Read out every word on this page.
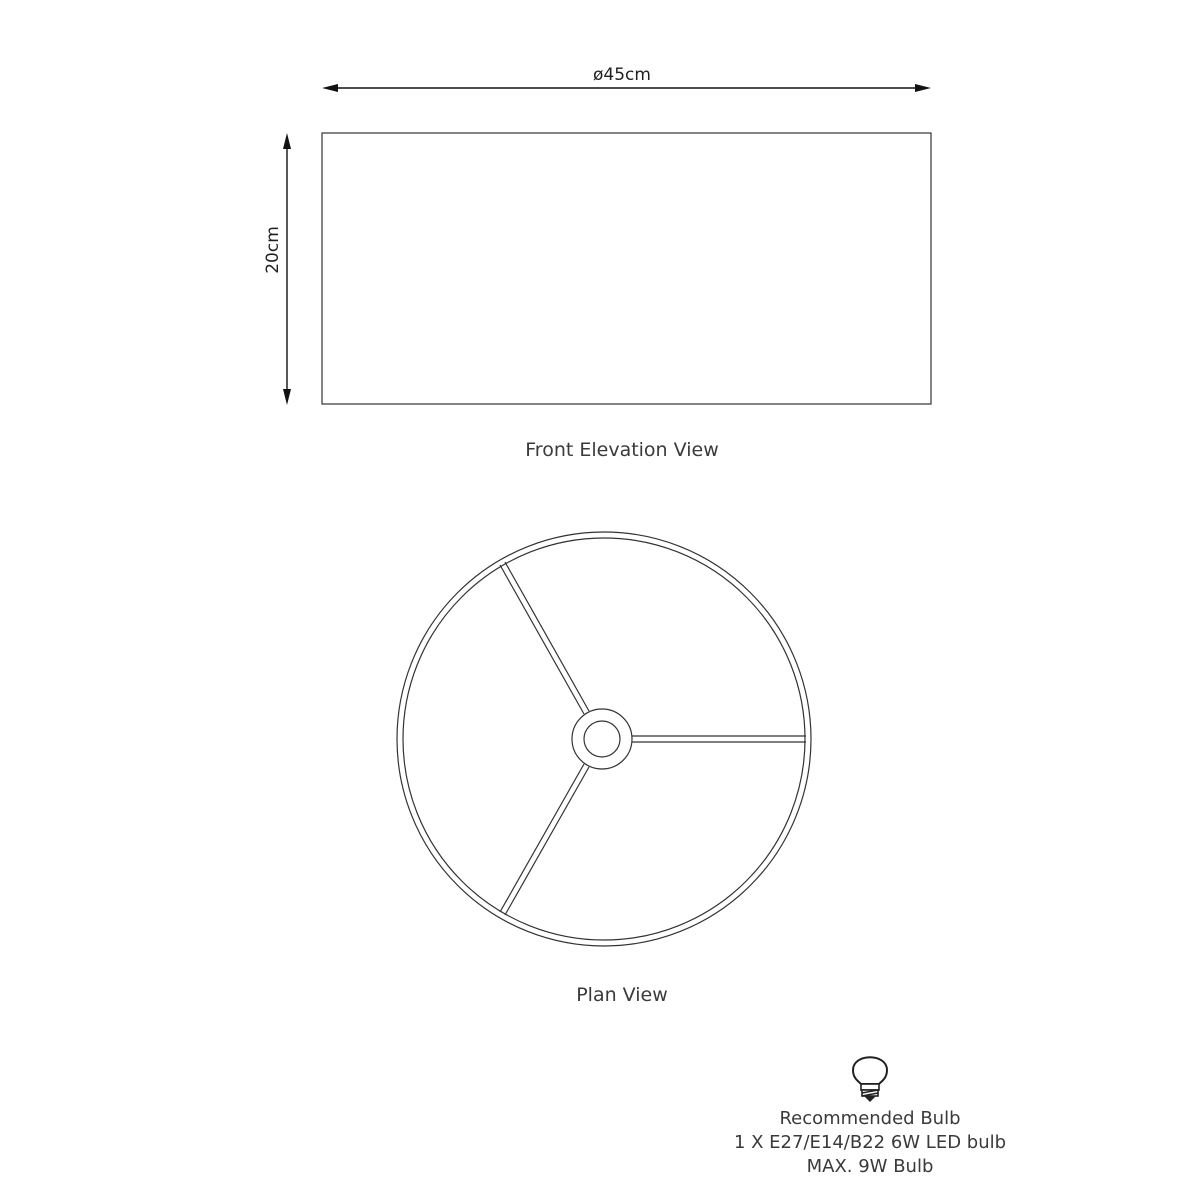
ø45cm
20cm
Front Elevation View
Plan View
Recommended Bulb
1 X E27/E14/B22 6W LED bulb
MAX. 9W Bulb
